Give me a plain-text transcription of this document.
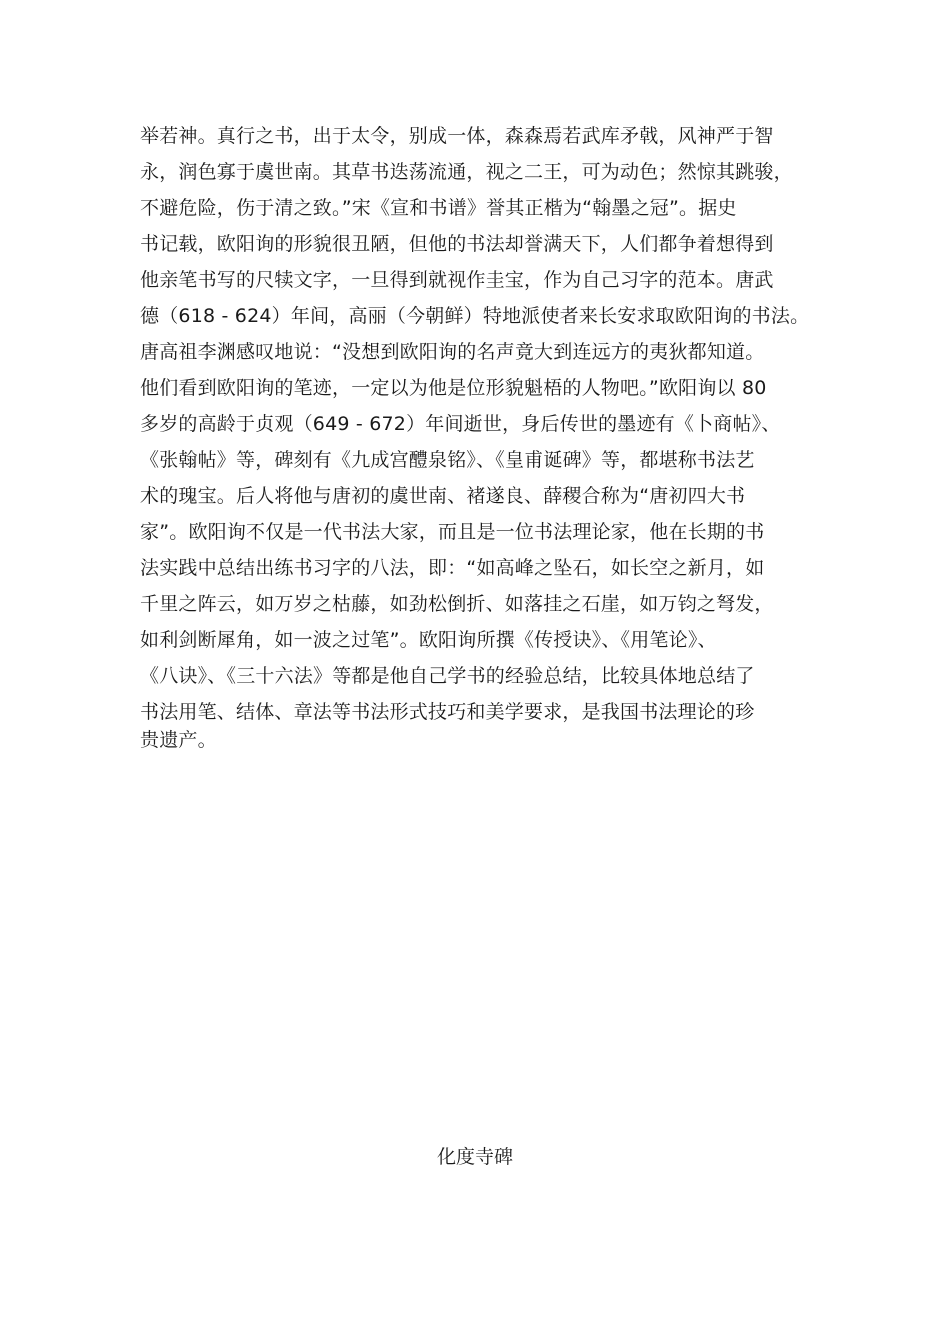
举若神。真行之书，出于太令，别成一体，森森焉若武库矛戟，风神严于智
永，润色寡于虞世南。其草书迭荡流通，视之二王，可为动色；然惊其跳骏，
不避危险，伤于清之致。”宋《宣和书谱》誉其正楷为“翰墨之冠”。据史
书记载，欧阳询的形貌很丑陋，但他的书法却誉满天下，人们都争着想得到
他亲笔书写的尺犊文字，一旦得到就视作圭宝，作为自己习字的范本。唐武
德（618 - 624）年间，高丽（今朝鲜）特地派使者来长安求取欧阳询的书法。
唐高祖李渊感叹地说：“没想到欧阳询的名声竟大到连远方的夷狄都知道。
他们看到欧阳询的笔迹，一定以为他是位形貌魁梧的人物吧。”欧阳询以 80
多岁的高龄于贞观（649 - 672）年间逝世，身后传世的墨迹有《卜商帖》、
《张翰帖》等，碑刻有《九成宫醴泉铭》、《皇甫诞碑》等，都堪称书法艺
术的瑰宝。后人将他与唐初的虞世南、褚遂良、薛稷合称为“唐初四大书
家”。欧阳询不仅是一代书法大家，而且是一位书法理论家，他在长期的书
法实践中总结出练书习字的八法，即：“如高峰之坠石，如长空之新月，如
千里之阵云，如万岁之枯藤，如劲松倒折、如落挂之石崖，如万钧之弩发，
如利剑断犀角，如一波之过笔”。欧阳询所撰《传授诀》、《用笔论》、
《八诀》、《三十六法》等都是他自己学书的经验总结，比较具体地总结了
书法用笔、结体、章法等书法形式技巧和美学要求，是我国书法理论的珍
贵遗产。
化度寺碑
